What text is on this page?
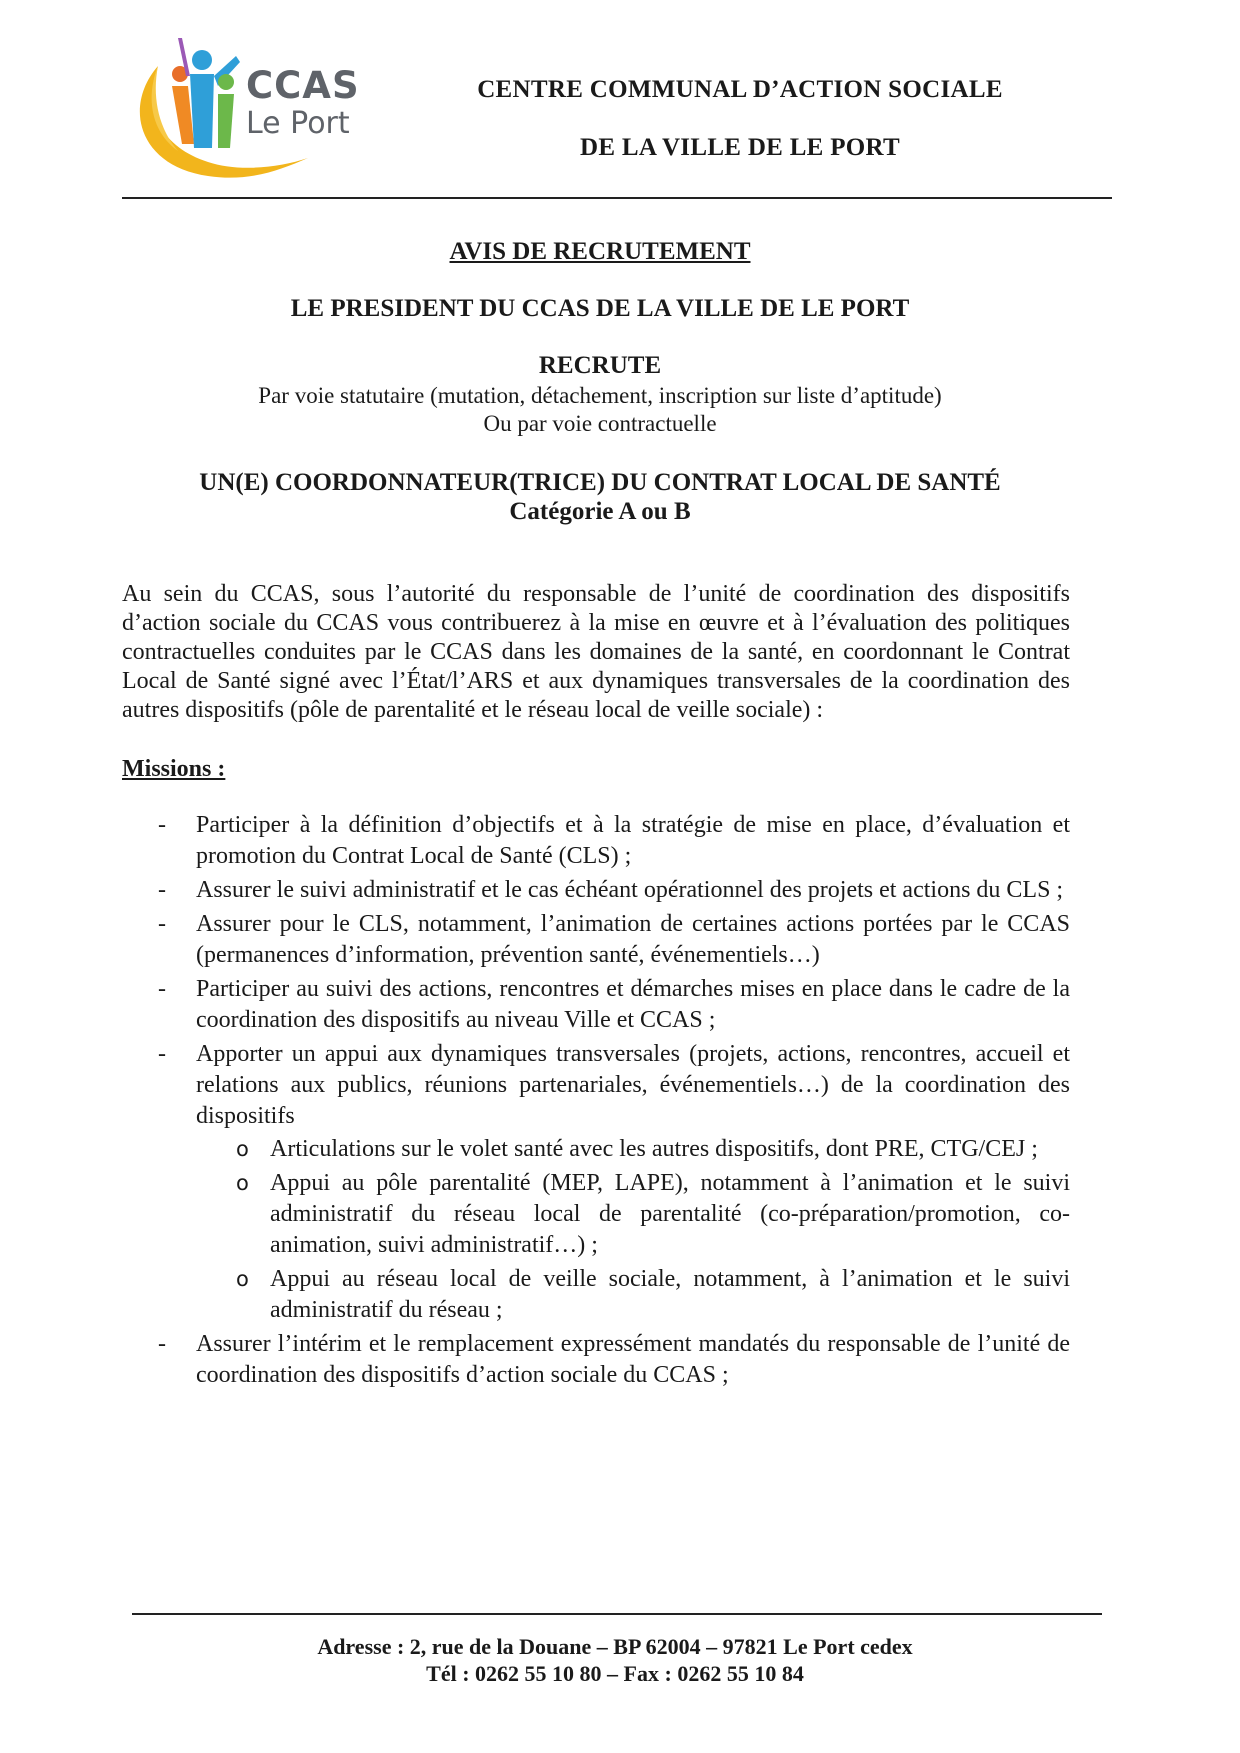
CCAS
Le Port
CENTRE COMMUNAL D’ACTION SOCIALE
DE LA VILLE DE LE PORT
AVIS DE RECRUTEMENT
LE PRESIDENT DU CCAS DE LA VILLE DE LE PORT
RECRUTE
Par voie statutaire (mutation, détachement, inscription sur liste d’aptitude)
Ou par voie contractuelle
UN(E) COORDONNATEUR(TRICE) DU CONTRAT LOCAL DE SANTÉ
Catégorie A ou B
Au sein du CCAS, sous l’autorité du responsable de l’unité de coordination des dispositifs d’action sociale du CCAS vous contribuerez à la mise en œuvre et à l’évaluation des politiques contractuelles conduites par le CCAS dans les domaines de la santé, en coordonnant le Contrat Local de Santé signé avec l’État/l’ARS et aux dynamiques transversales de la coordination des autres dispositifs (pôle de parentalité et le réseau local de veille sociale) :
Missions :
- Participer à la définition d’objectifs et à la stratégie de mise en place, d’évaluation et promotion du Contrat Local de Santé (CLS) ;
- Assurer le suivi administratif et le cas échéant opérationnel des projets et actions du CLS ;
- Assurer pour le CLS, notamment, l’animation de certaines actions portées par le CCAS (permanences d’information, prévention santé, événementiels…)
- Participer au suivi des actions, rencontres et démarches mises en place dans le cadre de la coordination des dispositifs au niveau Ville et CCAS ;
- Apporter un appui aux dynamiques transversales (projets, actions, rencontres, accueil et relations aux publics, réunions partenariales, événementiels…) de la coordination des dispositifs
o Articulations sur le volet santé avec les autres dispositifs, dont PRE, CTG/CEJ ;
o Appui au pôle parentalité (MEP, LAPE), notamment à l’animation et le suivi administratif du réseau local de parentalité (co-préparation/promotion, co-animation, suivi administratif…) ;
o Appui au réseau local de veille sociale, notamment, à l’animation et le suivi administratif du réseau ;
- Assurer l’intérim et le remplacement expressément mandatés du responsable de l’unité de coordination des dispositifs d’action sociale du CCAS ;
Adresse : 2, rue de la Douane – BP 62004 – 97821 Le Port cedex
Tél : 0262 55 10 80 – Fax : 0262 55 10 84
